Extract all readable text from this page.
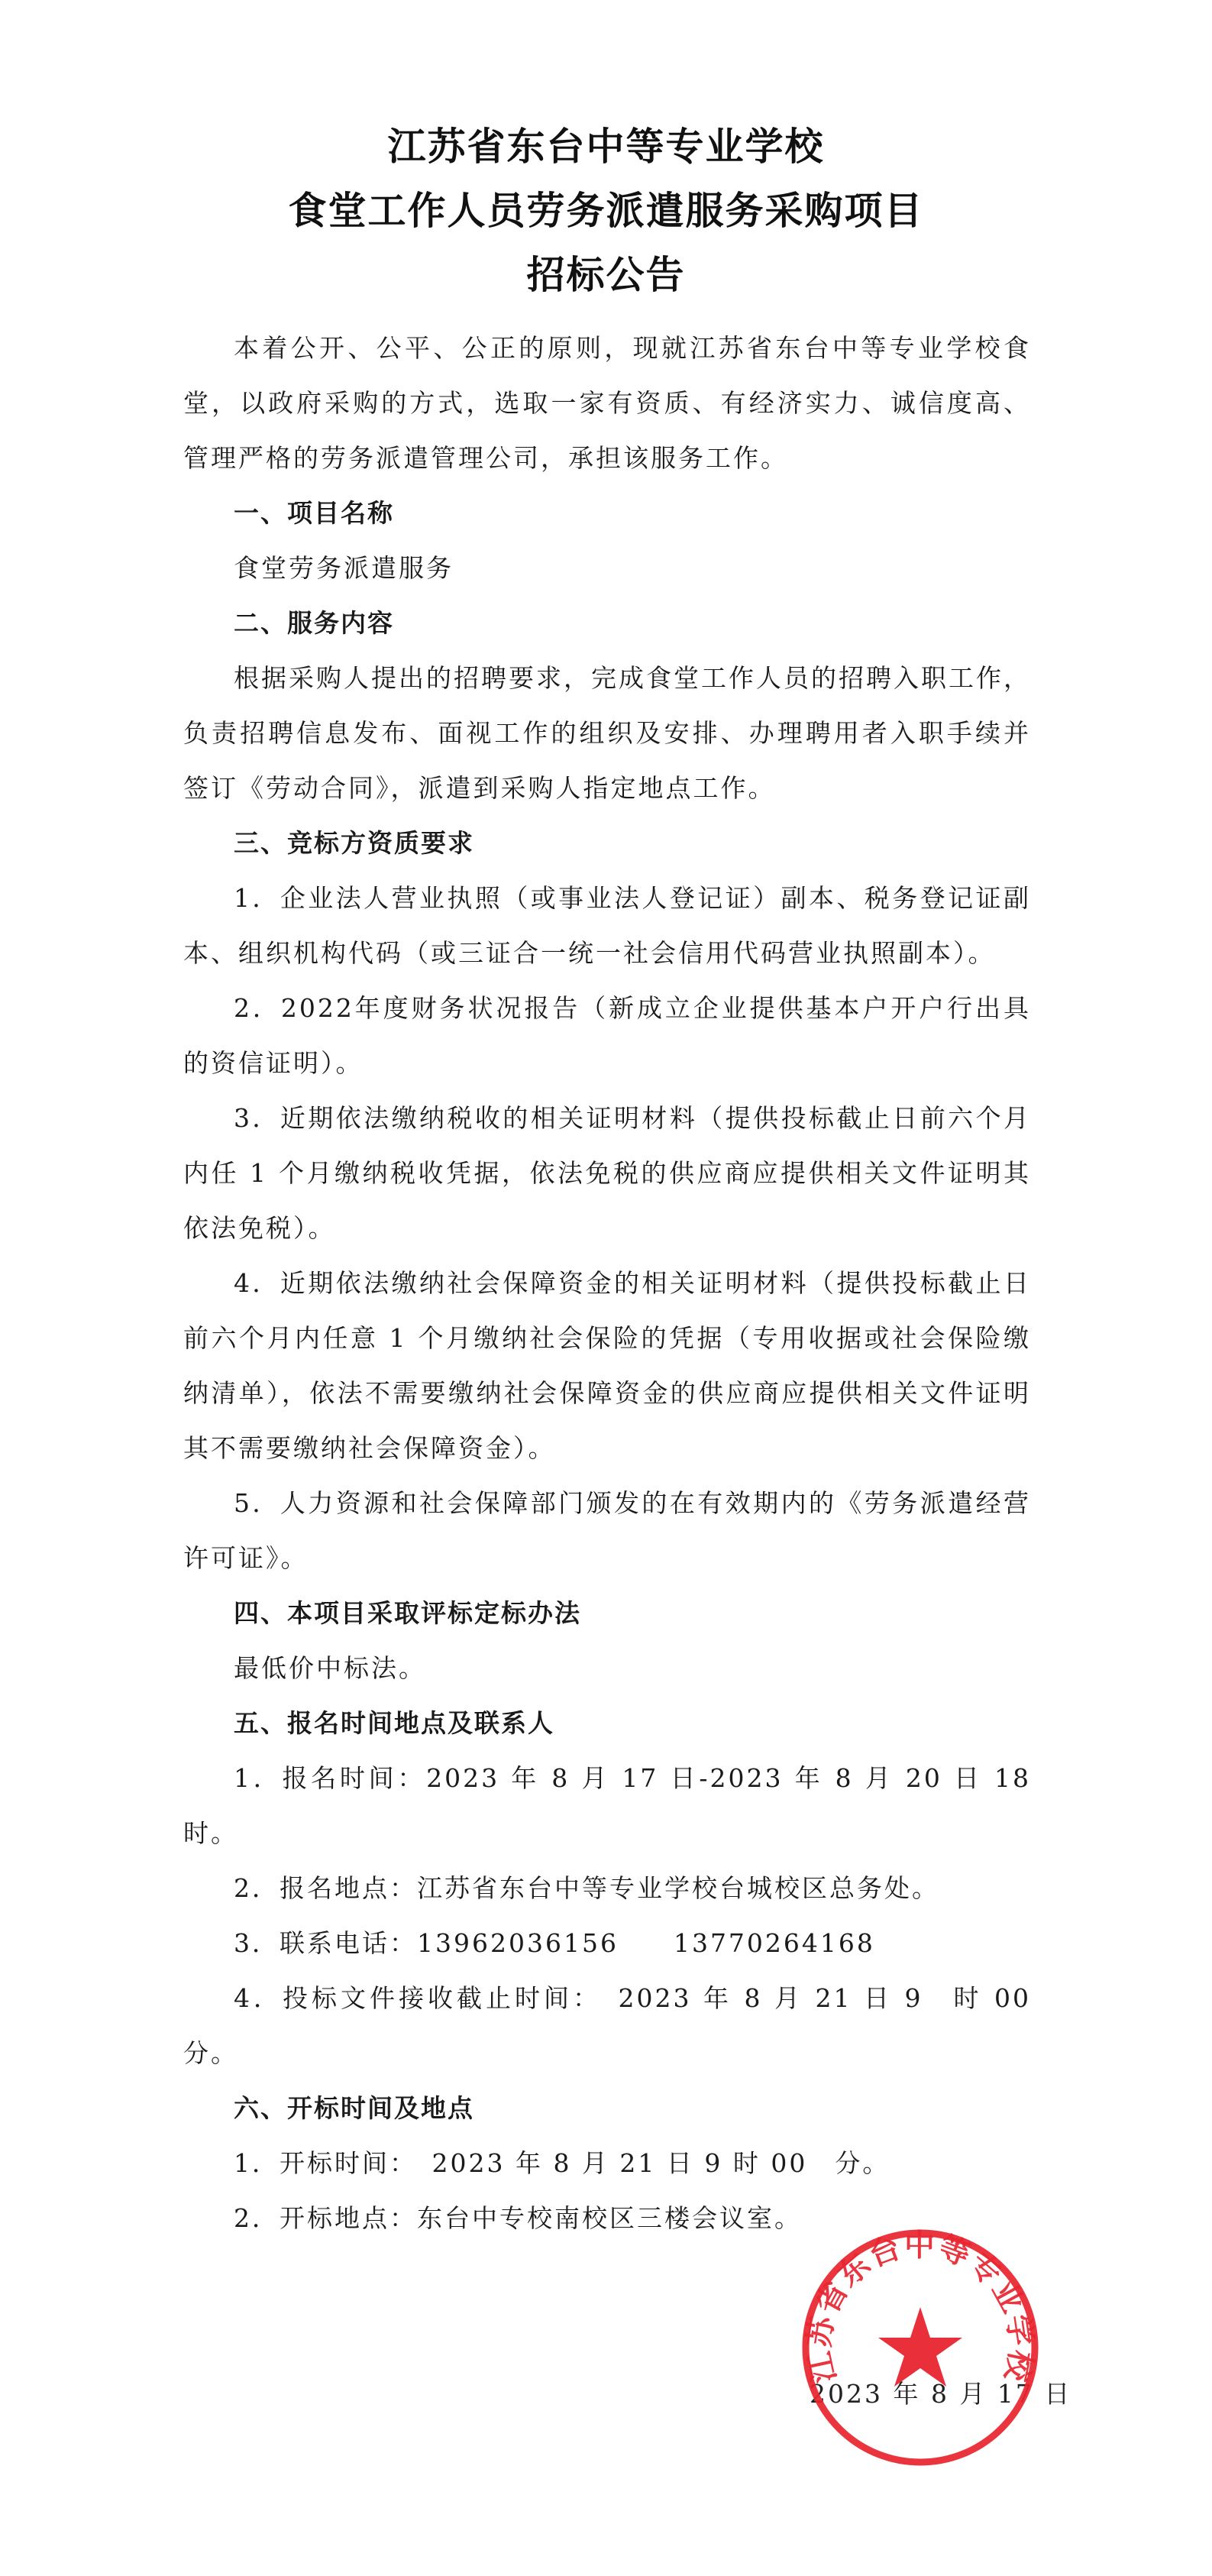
江苏省东台中等专业学校
食堂工作人员劳务派遣服务采购项目
招标公告

本着公开、公平、公正的原则，现就江苏省东台中等专业学校食堂，以政府采购的方式，选取一家有资质、有经济实力、诚信度高、管理严格的劳务派遣管理公司，承担该服务工作。

一、项目名称

食堂劳务派遣服务

二、服务内容

根据采购人提出的招聘要求，完成食堂工作人员的招聘入职工作，负责招聘信息发布、面视工作的组织及安排、办理聘用者入职手续并签订《劳动合同》，派遣到采购人指定地点工作。

三、竞标方资质要求

1．企业法人营业执照（或事业法人登记证）副本、税务登记证副本、组织机构代码（或三证合一统一社会信用代码营业执照副本）。

2．2022年度财务状况报告（新成立企业提供基本户开户行出具的资信证明）。

3．近期依法缴纳税收的相关证明材料（提供投标截止日前六个月内任 1 个月缴纳税收凭据，依法免税的供应商应提供相关文件证明其依法免税）。

4．近期依法缴纳社会保障资金的相关证明材料（提供投标截止日前六个月内任意 1 个月缴纳社会保险的凭据（专用收据或社会保险缴纳清单），依法不需要缴纳社会保障资金的供应商应提供相关文件证明其不需要缴纳社会保障资金）。

5．人力资源和社会保障部门颁发的在有效期内的《劳务派遣经营许可证》。

四、本项目采取评标定标办法

最低价中标法。

五、报名时间地点及联系人

1．报名时间：2023 年 8 月 17 日-2023 年 8 月 20 日 18 时。

2．报名地点：江苏省东台中等专业学校台城校区总务处。

3．联系电话：13962036156　　13770264168

4．投标文件接收截止时间：　2023 年 8 月 21 日 9　时 00　分。

六、开标时间及地点

1．开标时间：　2023 年 8 月 21 日 9 时 00　分。

2．开标地点：东台中专校南校区三楼会议室。

2023 年 8 月 17 日
江苏省东台中等专业学校
